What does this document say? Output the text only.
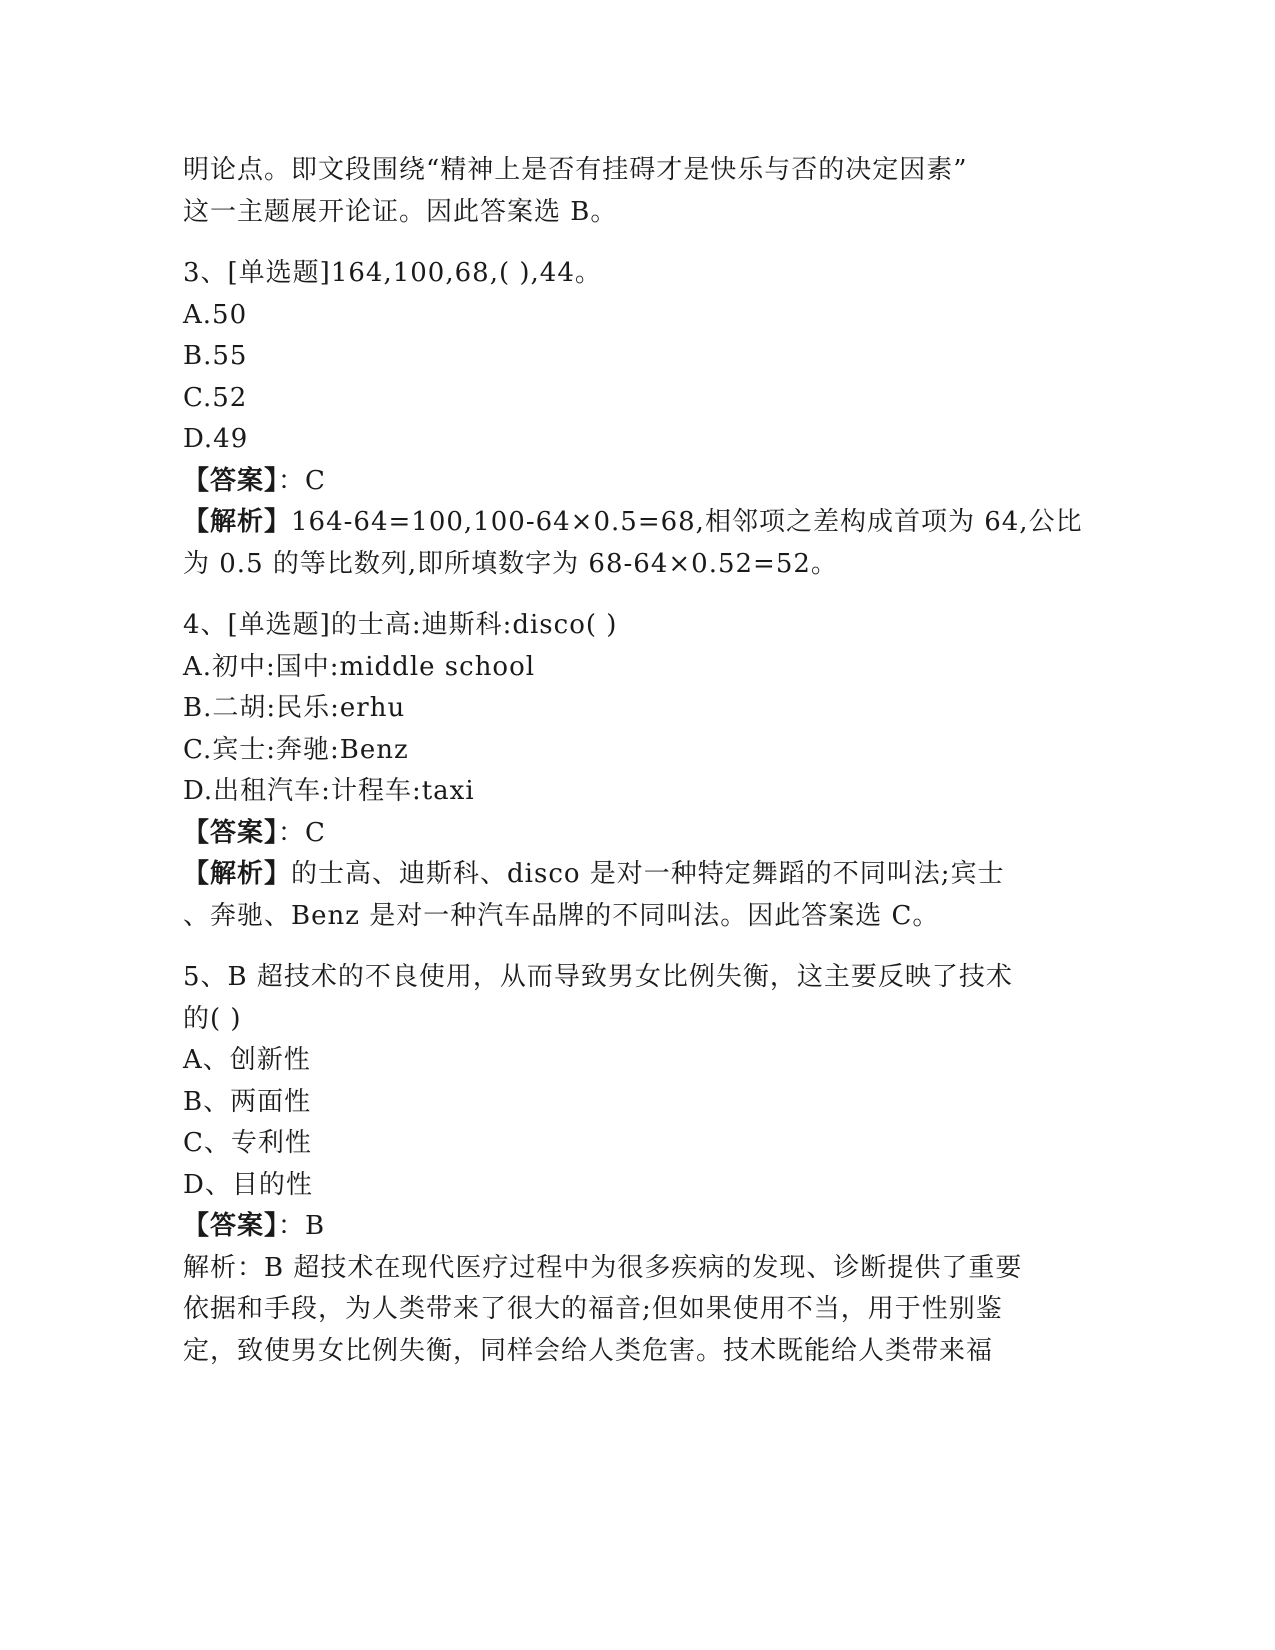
明论点。即文段围绕“精神上是否有挂碍才是快乐与否的决定因素”
这一主题展开论证。因此答案选 B。
3、[单选题]164,100,68,( ),44。
A.50
B.55
C.52
D.49
【答案】：C
【解析】164-64=100,100-64×0.5=68,相邻项之差构成首项为 64,公比
为 0.5 的等比数列,即所填数字为 68-64×0.52=52。
4、[单选题]的士高:迪斯科:disco( )
A.初中:国中:middle school
B.二胡:民乐:erhu
C.宾士:奔驰:Benz
D.出租汽车:计程车:taxi
【答案】：C
【解析】的士高、迪斯科、disco 是对一种特定舞蹈的不同叫法;宾士
、奔驰、Benz 是对一种汽车品牌的不同叫法。因此答案选 C。
5、B 超技术的不良使用，从而导致男女比例失衡，这主要反映了技术
的( )
A、创新性
B、两面性
C、专利性
D、目的性
【答案】：B
解析：B 超技术在现代医疗过程中为很多疾病的发现、诊断提供了重要
依据和手段，为人类带来了很大的福音;但如果使用不当，用于性别鉴
定，致使男女比例失衡，同样会给人类危害。技术既能给人类带来福
